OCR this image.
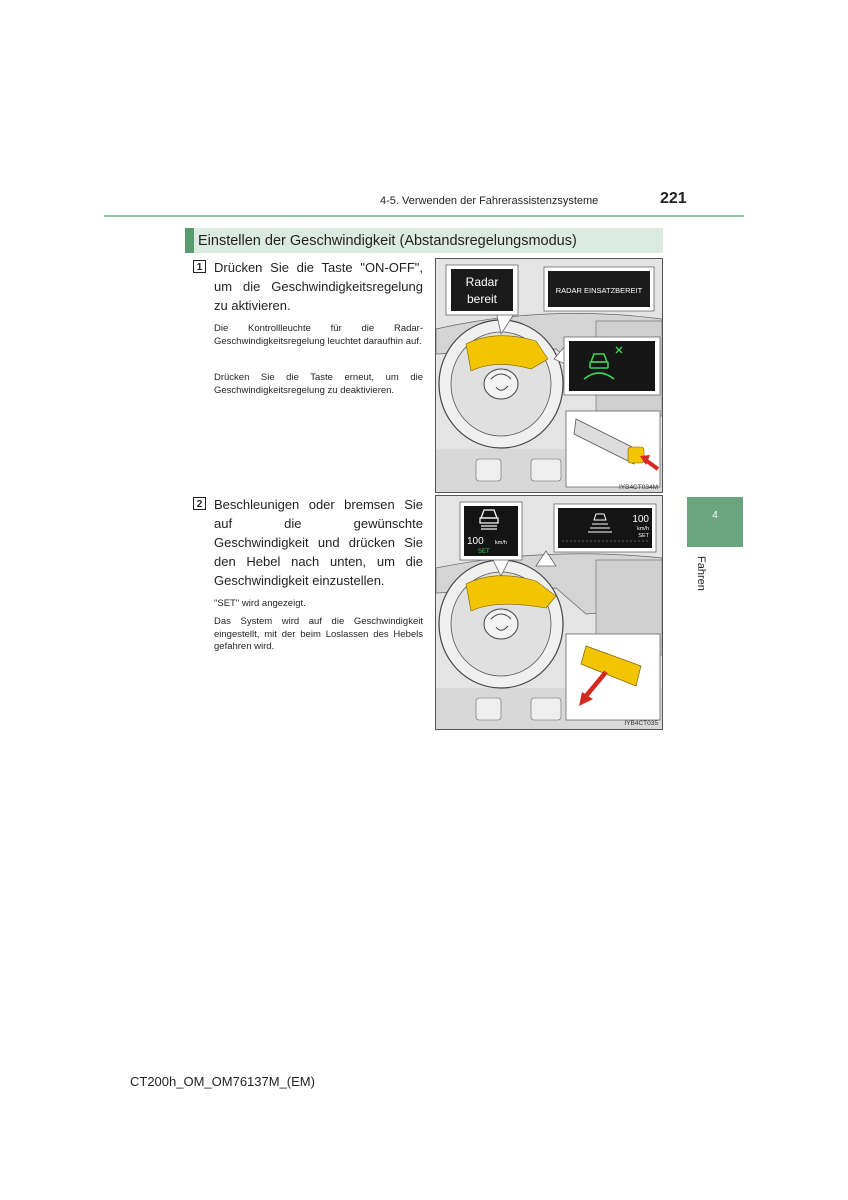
4-5. Verwenden der Fahrerassistenzsysteme	221
Einstellen der Geschwindigkeit (Abstandsregelungsmodus)
1 Drücken Sie die Taste "ON-OFF", um die Geschwindigkeitsregelung zu aktivieren.
Die Kontrollleuchte für die Radar-Geschwindigkeitsregelung leuchtet daraufhin auf.
Drücken Sie die Taste erneut, um die Geschwindigkeitsregelung zu deaktivieren.
Radar
bereit
RADAR EINSATZBEREIT
IYB4CT034M
2 Beschleunigen oder bremsen Sie auf die gewünschte Geschwindigkeit und drücken Sie den Hebel nach unten, um die Geschwindigkeit einzustellen.
"SET" wird angezeigt.
Das System wird auf die Geschwindigkeit eingestellt, mit der beim Loslassen des Hebels gefahren wird.
100 km/h
SET
100
km/h
SET
IYB4CT035
4
Fahren
CT200h_OM_OM76137M_(EM)
